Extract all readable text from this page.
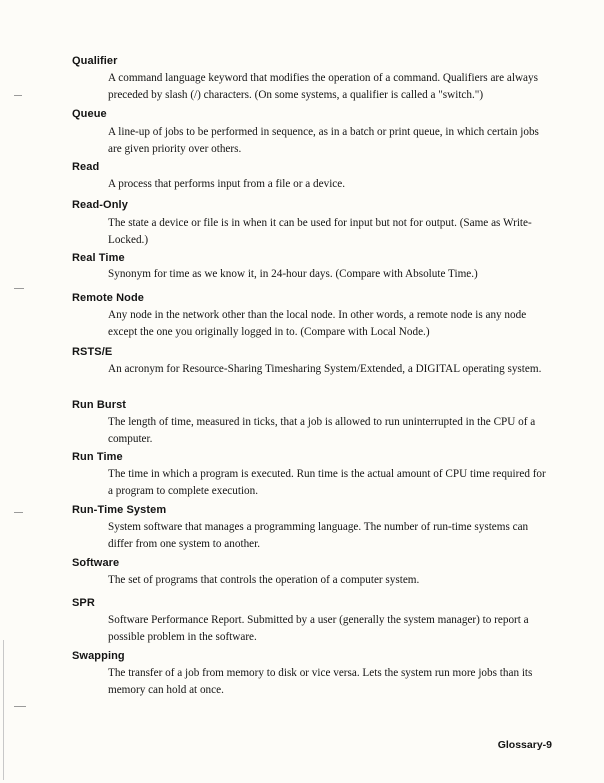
Qualifier

A command language keyword that modifies the operation of a command. Qualifiers are always preceded by slash (/) characters. (On some systems, a qualifier is called a "switch.")

Queue

A line-up of jobs to be performed in sequence, as in a batch or print queue, in which certain jobs are given priority over others.

Read

A process that performs input from a file or a device.

Read-Only

The state a device or file is in when it can be used for input but not for output. (Same as Write-Locked.)

Real Time

Synonym for time as we know it, in 24-hour days. (Compare with Absolute Time.)

Remote Node

Any node in the network other than the local node. In other words, a remote node is any node except the one you originally logged in to. (Compare with Local Node.)

RSTS/E

An acronym for Resource-Sharing Timesharing System/Extended, a DIGITAL operating system.

Run Burst

The length of time, measured in ticks, that a job is allowed to run uninterrupted in the CPU of a computer.

Run Time

The time in which a program is executed. Run time is the actual amount of CPU time required for a program to complete execution.

Run-Time System

System software that manages a programming language. The number of run-time systems can differ from one system to another.

Software

The set of programs that controls the operation of a computer system.

SPR

Software Performance Report. Submitted by a user (generally the system manager) to report a possible problem in the software.

Swapping

The transfer of a job from memory to disk or vice versa. Lets the system run more jobs than its memory can hold at once.

Glossary-9
